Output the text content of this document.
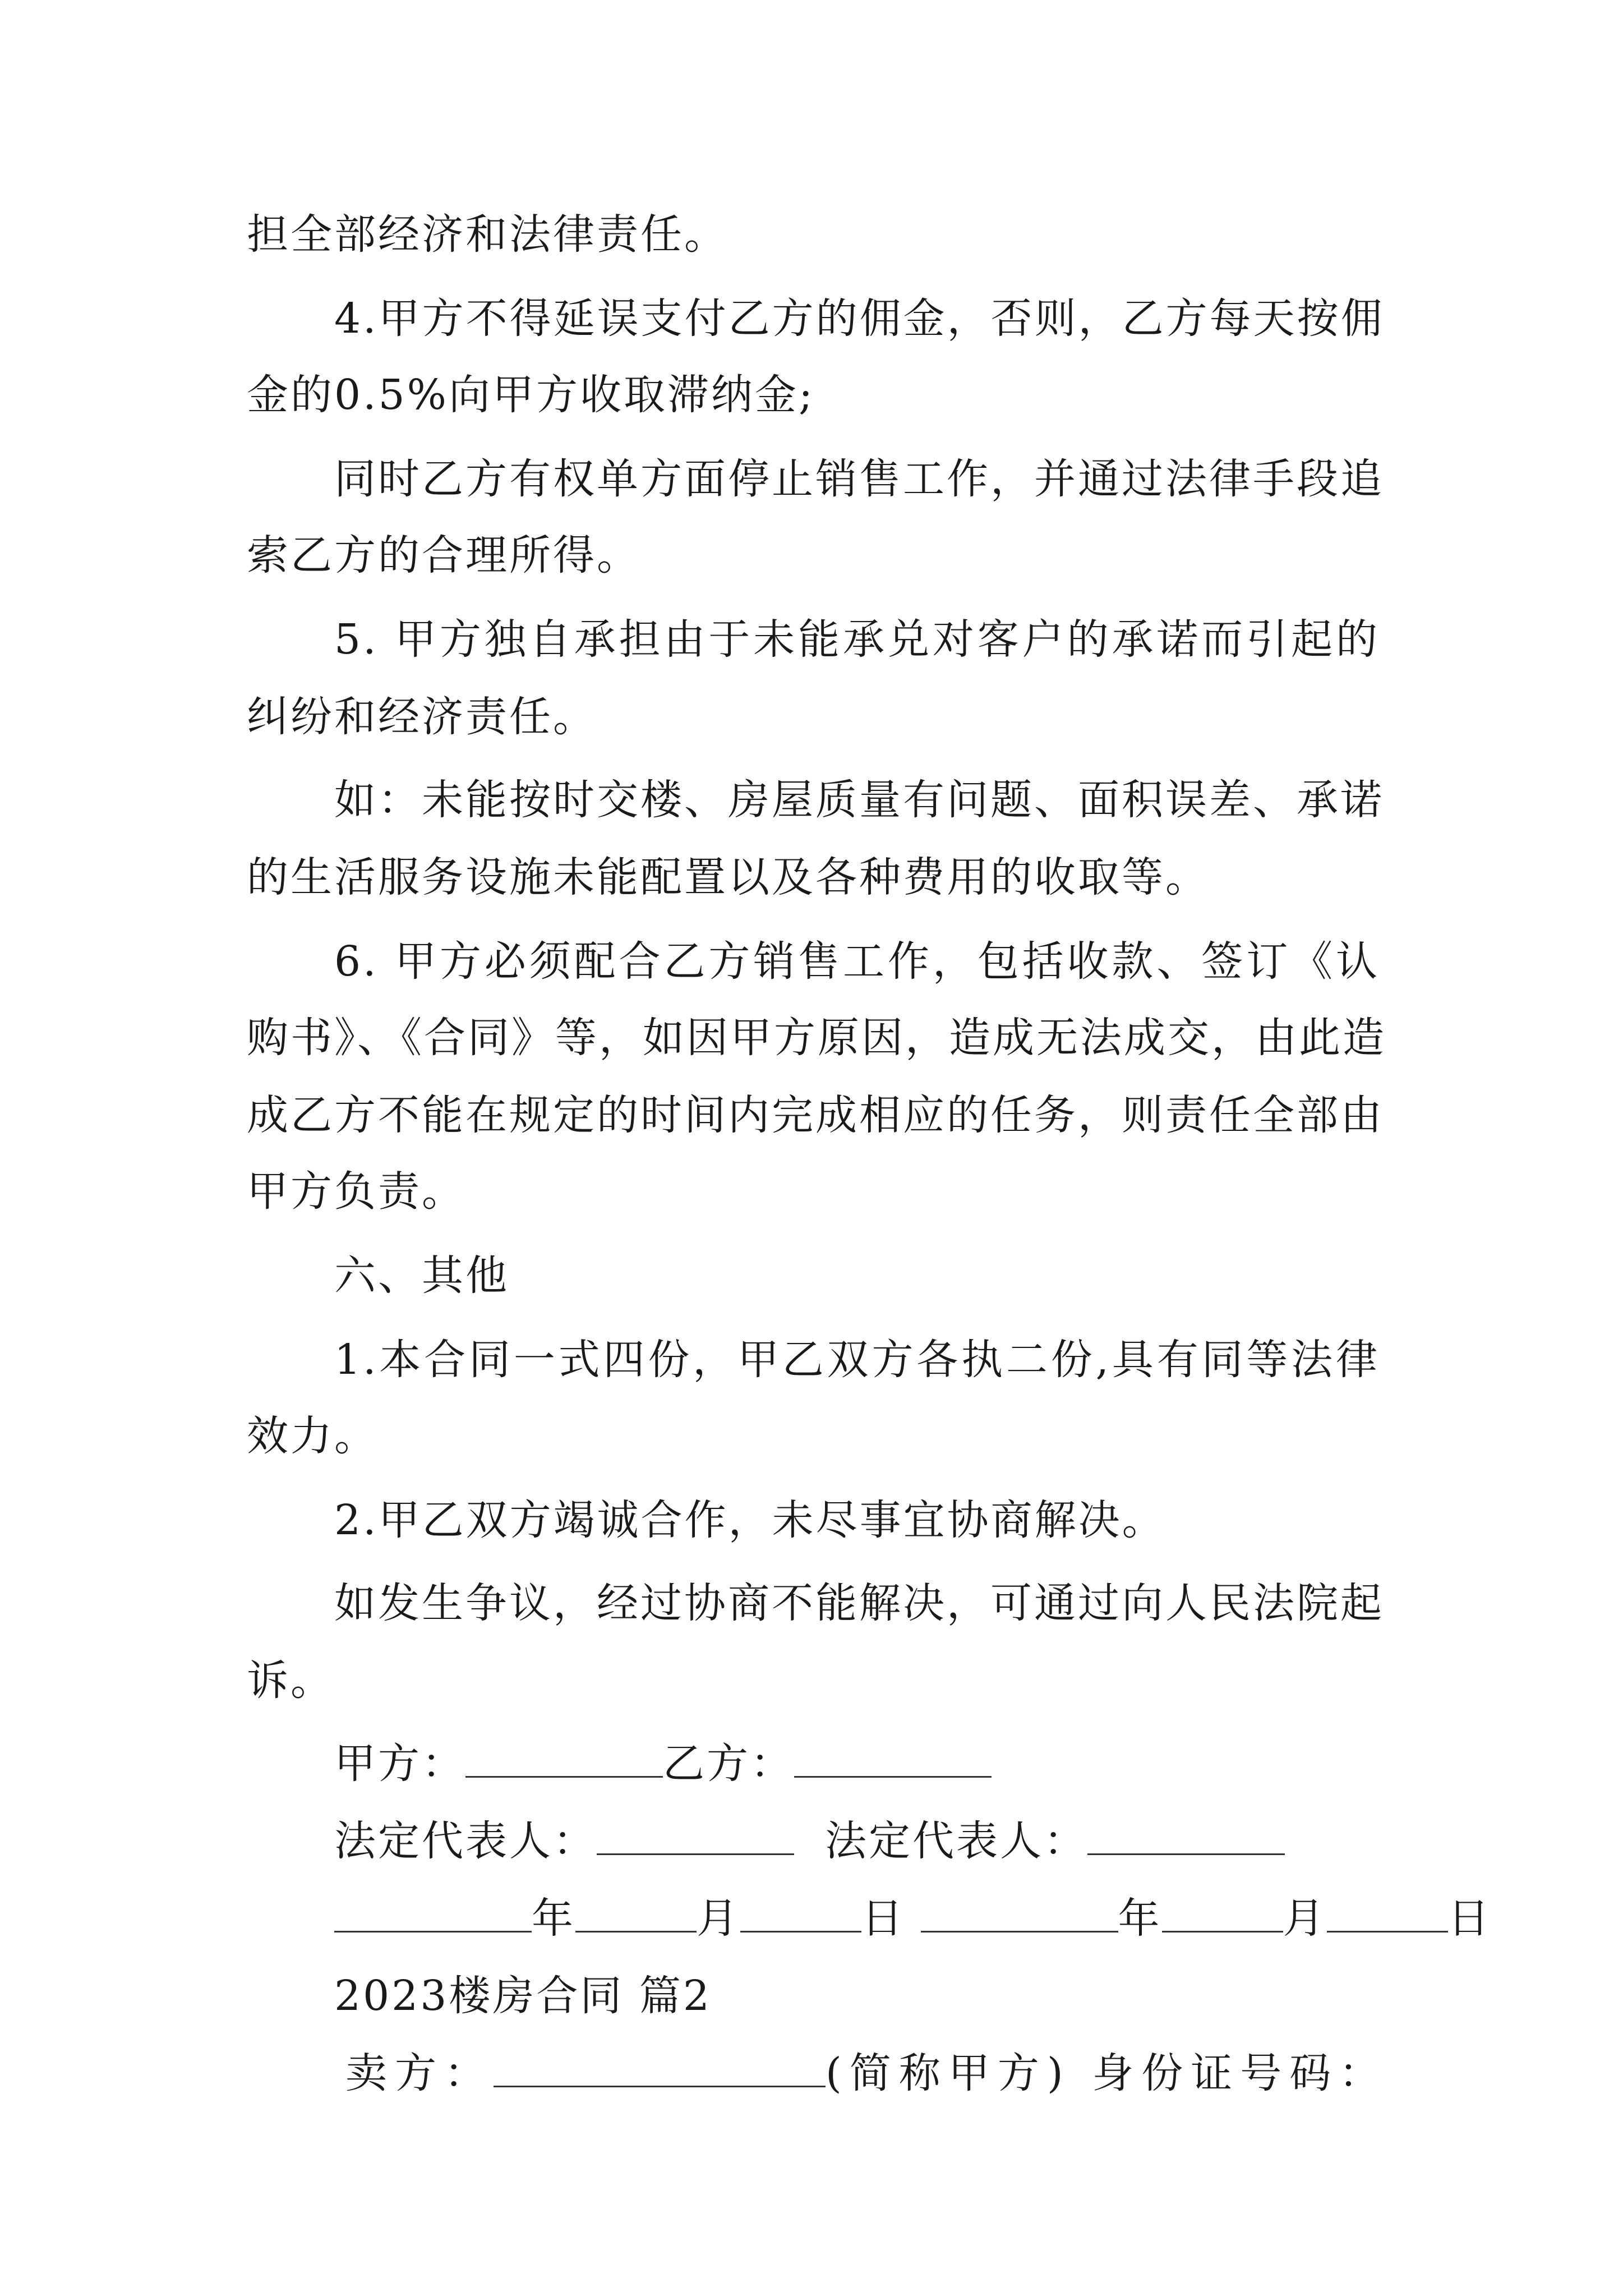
担全部经济和法律责任。
4.甲方不得延误支付乙方的佣金，否则，乙方每天按佣
金的0.5%向甲方收取滞纳金;
同时乙方有权单方面停止销售工作，并通过法律手段追
索乙方的合理所得。
5. 甲方独自承担由于未能承兑对客户的承诺而引起的
纠纷和经济责任。
如：未能按时交楼、房屋质量有问题、面积误差、承诺
的生活服务设施未能配置以及各种费用的收取等。
6. 甲方必须配合乙方销售工作，包括收款、签订《认
购书》、《合同》等，如因甲方原因，造成无法成交，由此造
成乙方不能在规定的时间内完成相应的任务，则责任全部由
甲方负责。
六、其他
1.本合同一式四份，甲乙双方各执二份,具有同等法律
效力。
2.甲乙双方竭诚合作，未尽事宜协商解决。
如发生争议，经过协商不能解决，可通过向人民法院起
诉。
甲方：	乙方：
法定代表人：	法定代表人：
年	月	日	年	月	日
2023楼房合同 篇2
卖方：	(简称甲方) 身份证号码：
